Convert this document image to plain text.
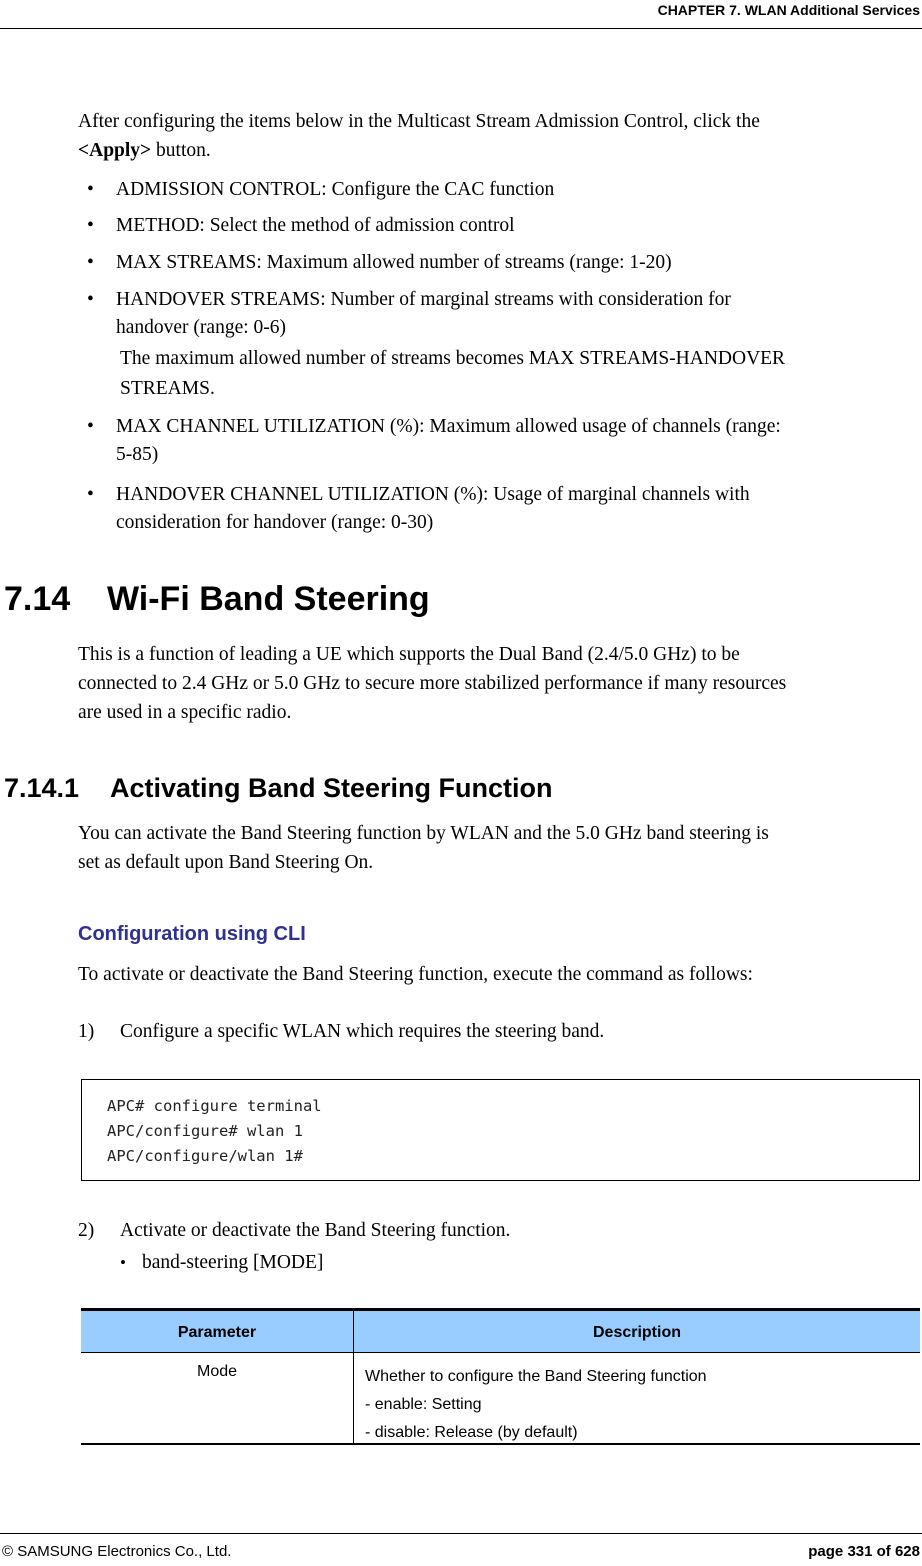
CHAPTER 7. WLAN Additional Services
After configuring the items below in the Multicast Stream Admission Control, click the
<Apply> button.
• ADMISSION CONTROL: Configure the CAC function
• METHOD: Select the method of admission control
• MAX STREAMS: Maximum allowed number of streams (range: 1-20)
• HANDOVER STREAMS: Number of marginal streams with consideration for
handover (range: 0-6)
The maximum allowed number of streams becomes MAX STREAMS-HANDOVER
STREAMS.
• MAX CHANNEL UTILIZATION (%): Maximum allowed usage of channels (range:
5-85)
• HANDOVER CHANNEL UTILIZATION (%): Usage of marginal channels with
consideration for handover (range: 0-30)
7.14 Wi-Fi Band Steering
This is a function of leading a UE which supports the Dual Band (2.4/5.0 GHz) to be
connected to 2.4 GHz or 5.0 GHz to secure more stabilized performance if many resources
are used in a specific radio.
7.14.1 Activating Band Steering Function
You can activate the Band Steering function by WLAN and the 5.0 GHz band steering is
set as default upon Band Steering On.
Configuration using CLI
To activate or deactivate the Band Steering function, execute the command as follows:
1) Configure a specific WLAN which requires the steering band.
APC# configure terminal
APC/configure# wlan 1
APC/configure/wlan 1#
2) Activate or deactivate the Band Steering function.
• band-steering [MODE]
Parameter	Description
Mode	Whether to configure the Band Steering function
- enable: Setting
- disable: Release (by default)
© SAMSUNG Electronics Co., Ltd.	page 331 of 628
